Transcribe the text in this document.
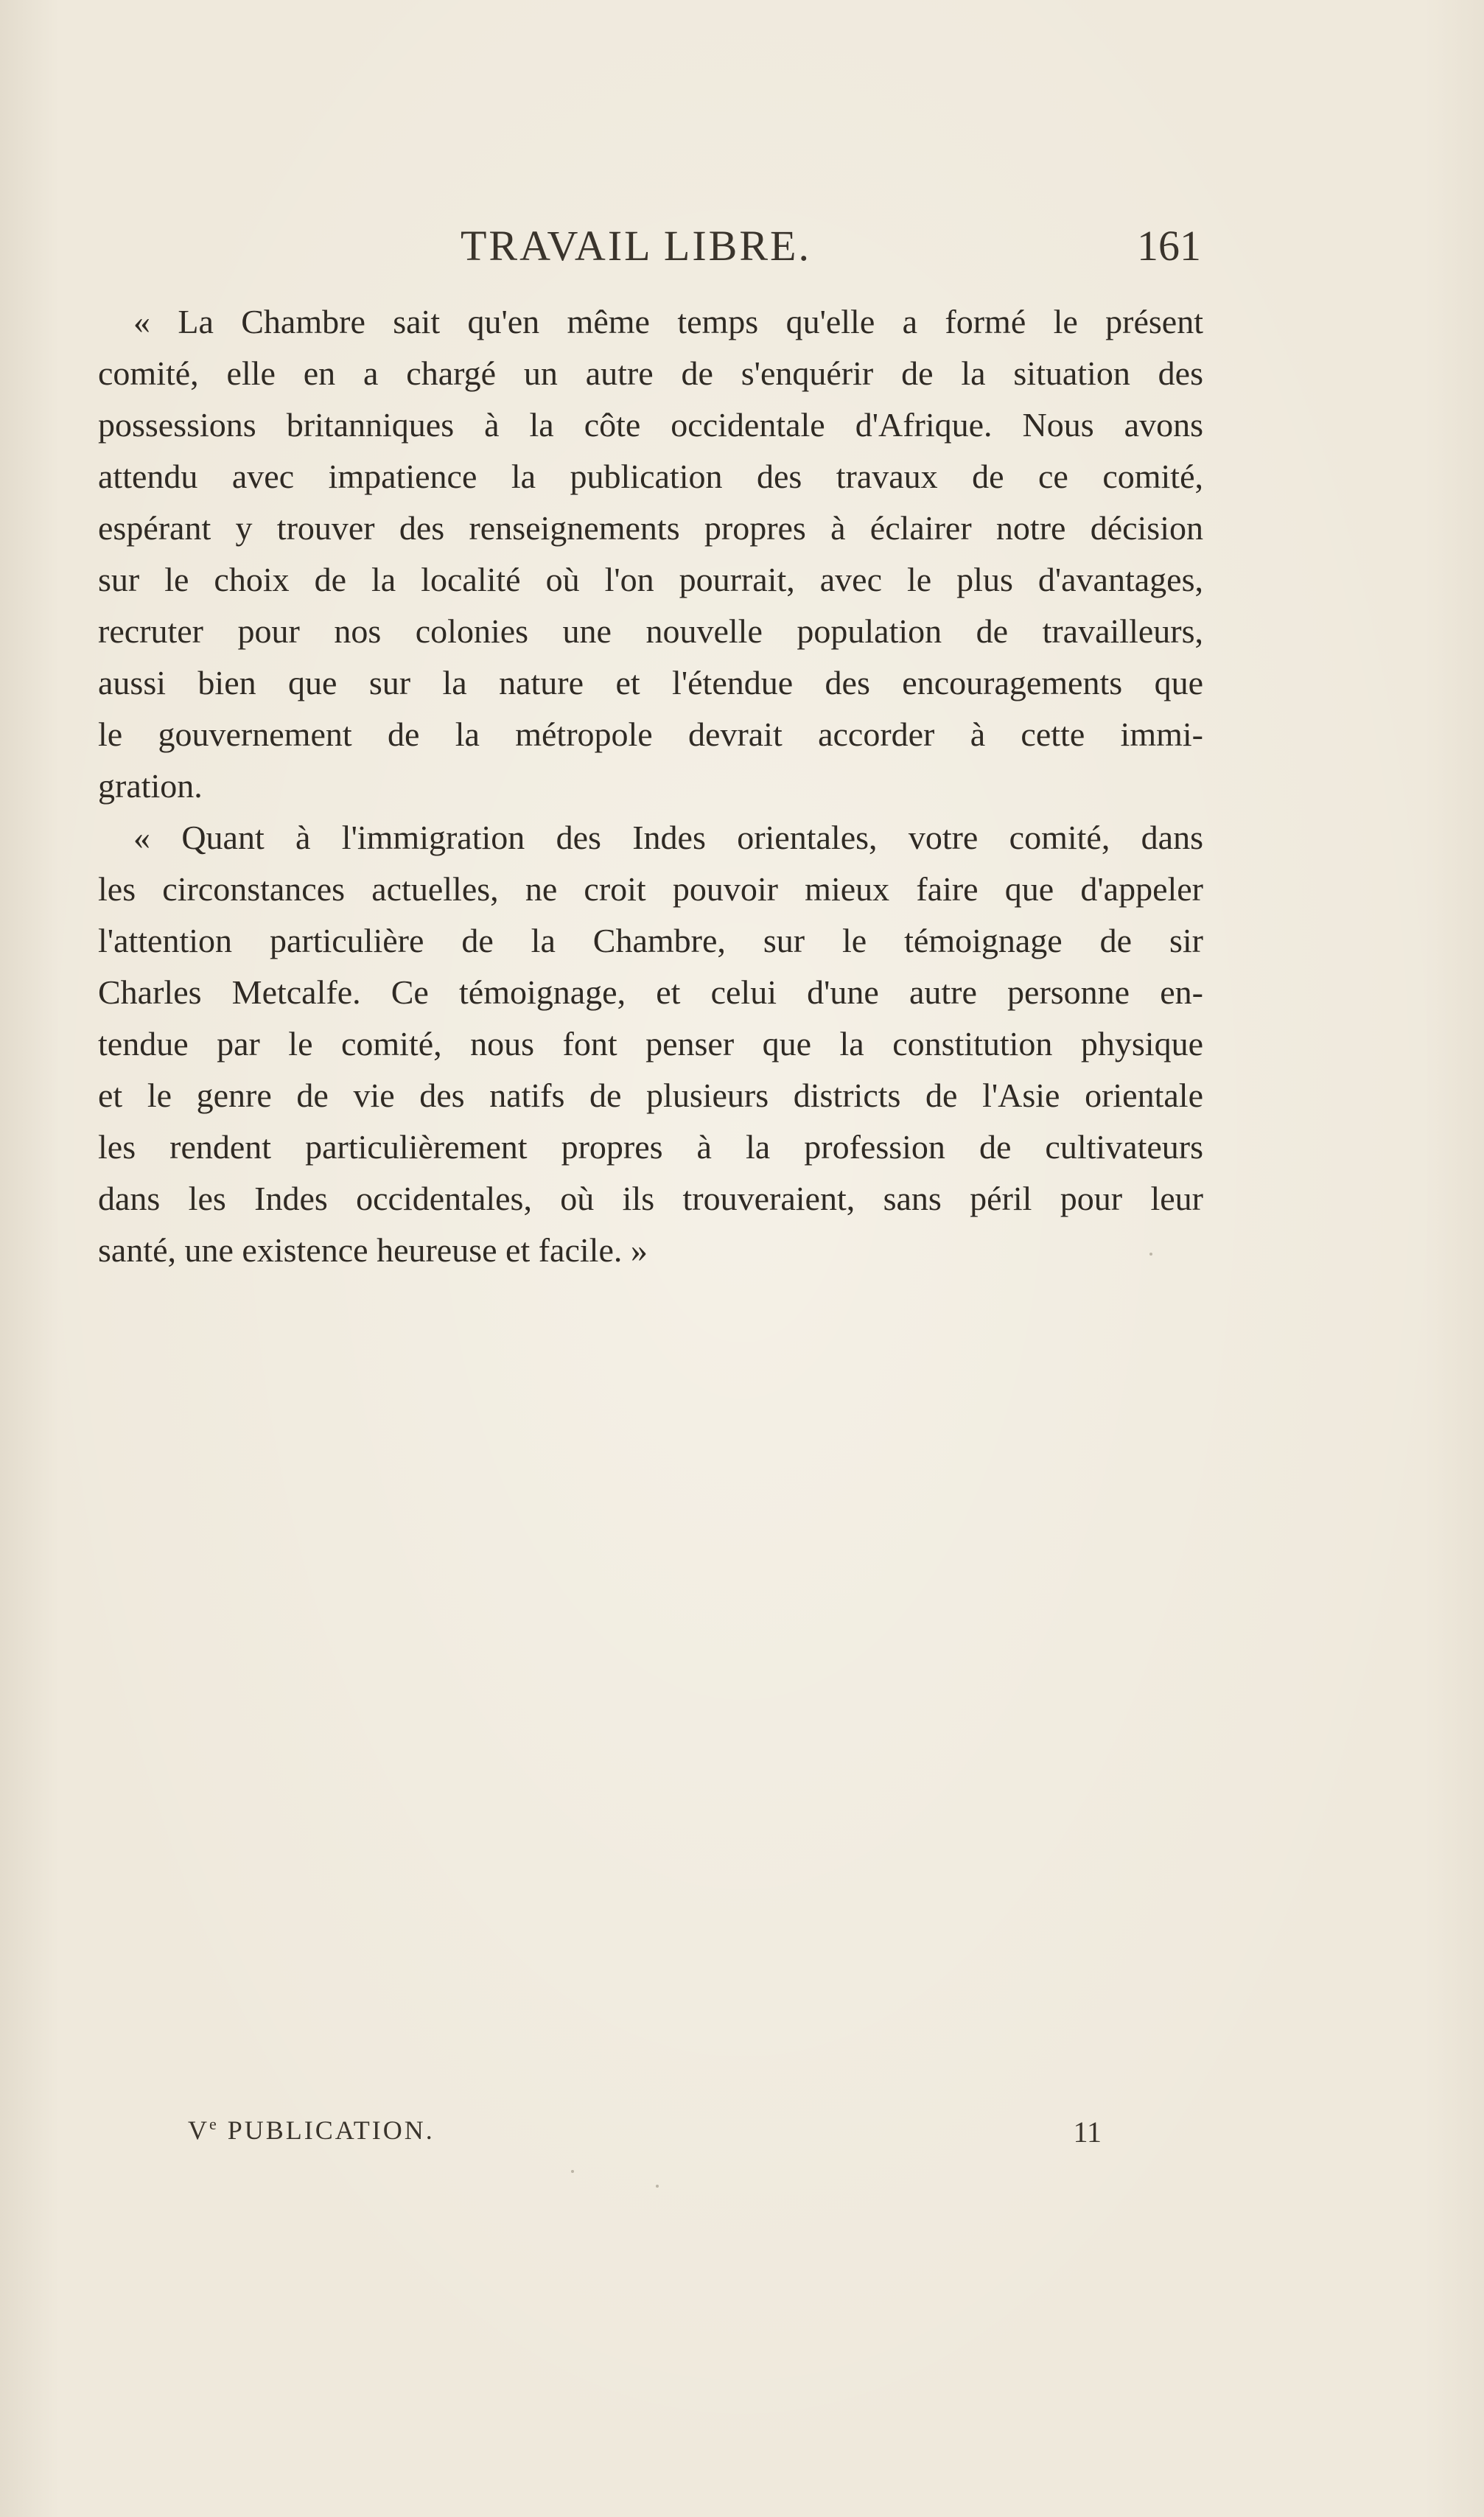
TRAVAIL LIBRE.	161
« La Chambre sait qu'en même temps qu'elle a formé le présent
comité, elle en a chargé un autre de s'enquérir de la situation des
possessions britanniques à la côte occidentale d'Afrique. Nous avons
attendu avec impatience la publication des travaux de ce comité,
espérant y trouver des renseignements propres à éclairer notre décision
sur le choix de la localité où l'on pourrait, avec le plus d'avantages,
recruter pour nos colonies une nouvelle population de travailleurs,
aussi bien que sur la nature et l'étendue des encouragements que
le gouvernement de la métropole devrait accorder à cette immi-
gration.
« Quant à l'immigration des Indes orientales, votre comité, dans
les circonstances actuelles, ne croit pouvoir mieux faire que d'appeler
l'attention particulière de la Chambre, sur le témoignage de sir
Charles Metcalfe. Ce témoignage, et celui d'une autre personne en-
tendue par le comité, nous font penser que la constitution physique
et le genre de vie des natifs de plusieurs districts de l'Asie orientale
les rendent particulièrement propres à la profession de cultivateurs
dans les Indes occidentales, où ils trouveraient, sans péril pour leur
santé, une existence heureuse et facile. »
Ve PUBLICATION.	11
